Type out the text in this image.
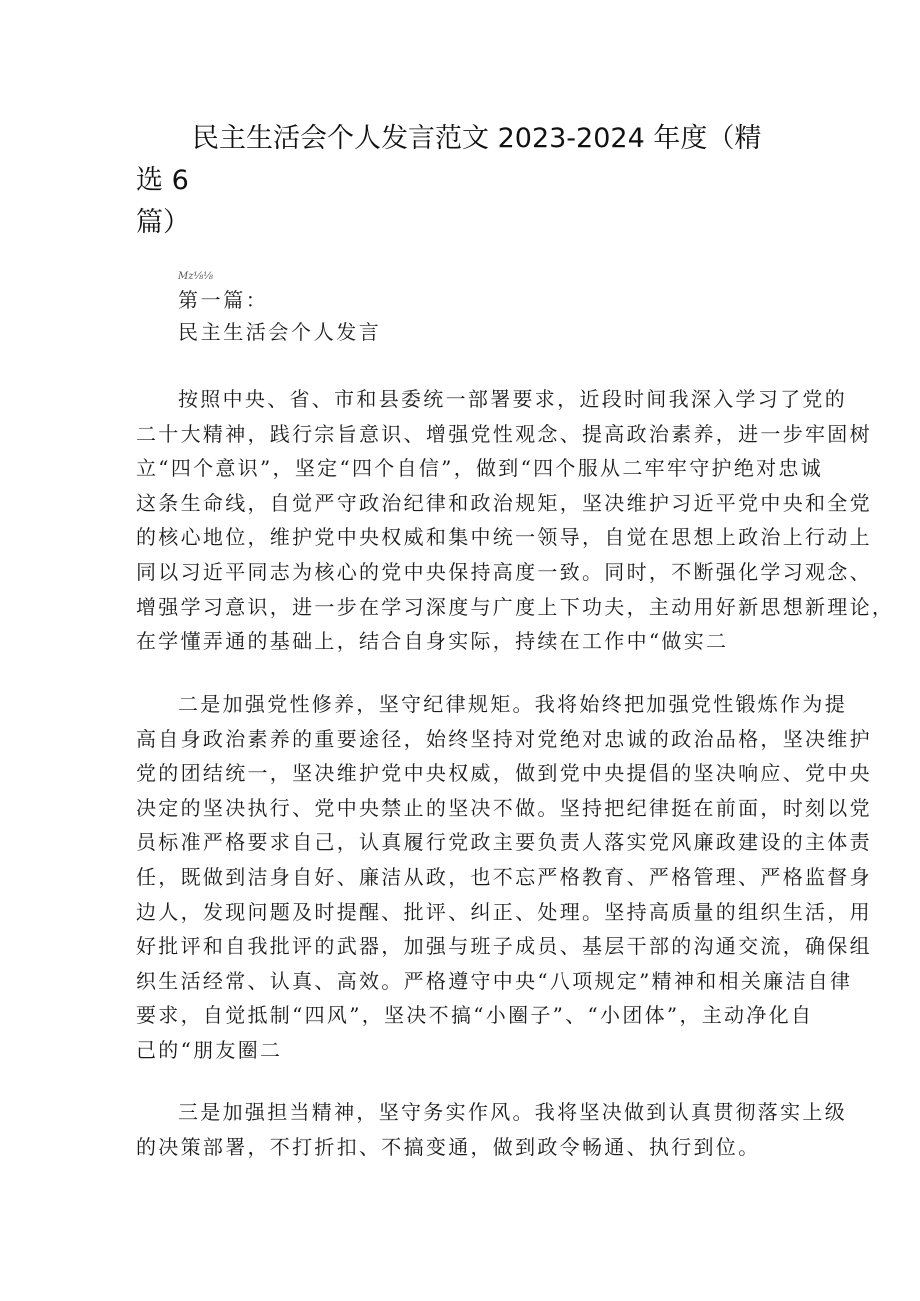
民主生活会个人发言范文 2023-2024 年度（精选 6
篇）
Mz⅛⅛
第一篇：
民主生活会个人发言
按照中央、省、市和县委统一部署要求，近段时间我深入学习了党的
二十大精神，践行宗旨意识、增强党性观念、提高政治素养，进一步牢固树
立“四个意识”，坚定“四个自信”，做到“四个服从二牢牢守护绝对忠诚
这条生命线，自觉严守政治纪律和政治规矩，坚决维护习近平党中央和全党
的核心地位，维护党中央权威和集中统一领导，自觉在思想上政治上行动上
同以习近平同志为核心的党中央保持高度一致。同时，不断强化学习观念、
增强学习意识，进一步在学习深度与广度上下功夫，主动用好新思想新理论，
在学懂弄通的基础上，结合自身实际，持续在工作中“做实二
二是加强党性修养，坚守纪律规矩。我将始终把加强党性锻炼作为提
高自身政治素养的重要途径，始终坚持对党绝对忠诚的政治品格，坚决维护
党的团结统一，坚决维护党中央权威，做到党中央提倡的坚决响应、党中央
决定的坚决执行、党中央禁止的坚决不做。坚持把纪律挺在前面，时刻以党
员标准严格要求自己，认真履行党政主要负责人落实党风廉政建设的主体责
任，既做到洁身自好、廉洁从政，也不忘严格教育、严格管理、严格监督身
边人，发现问题及时提醒、批评、纠正、处理。坚持高质量的组织生活，用
好批评和自我批评的武器，加强与班子成员、基层干部的沟通交流，确保组
织生活经常、认真、高效。严格遵守中央“八项规定”精神和相关廉洁自律
要求，自觉抵制“四风”，坚决不搞“小圈子”、“小团体”，主动净化自
己的“朋友圈二
三是加强担当精神，坚守务实作风。我将坚决做到认真贯彻落实上级
的决策部署，不打折扣、不搞变通，做到政令畅通、执行到位。
